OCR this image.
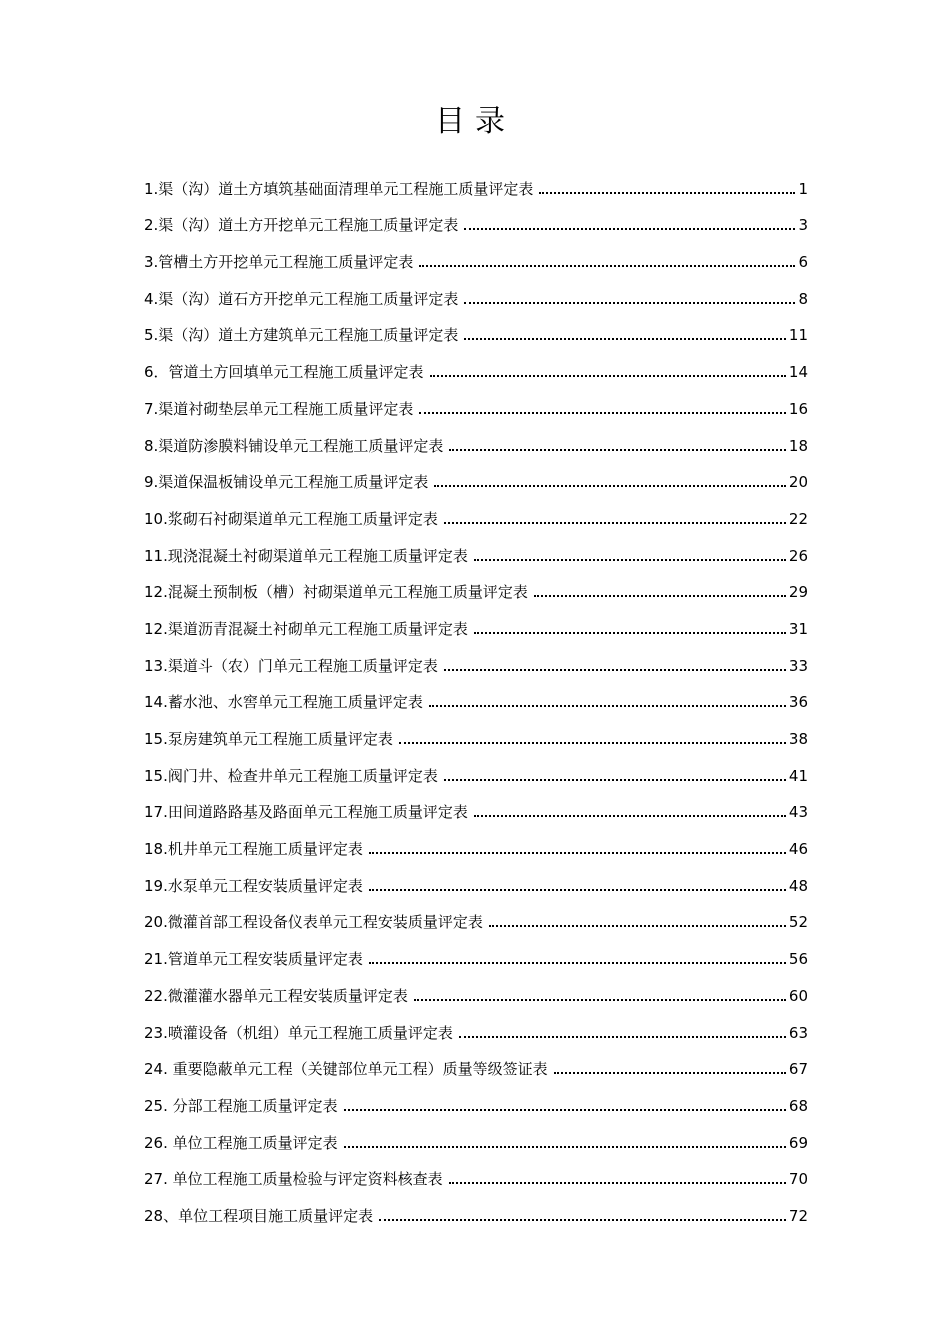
目录
1.渠（沟）道土方填筑基础面清理单元工程施工质量评定表	1
2.渠（沟）道土方开挖单元工程施工质量评定表	3
3.管槽土方开挖单元工程施工质量评定表	6
4.渠（沟）道石方开挖单元工程施工质量评定表	8
5.渠（沟）道土方建筑单元工程施工质量评定表	11
6．管道土方回填单元工程施工质量评定表	14
7.渠道衬砌垫层单元工程施工质量评定表	16
8.渠道防渗膜料铺设单元工程施工质量评定表	18
9.渠道保温板铺设单元工程施工质量评定表	20
10.浆砌石衬砌渠道单元工程施工质量评定表	22
11.现浇混凝土衬砌渠道单元工程施工质量评定表	26
12.混凝土预制板（槽）衬砌渠道单元工程施工质量评定表	29
12.渠道沥青混凝土衬砌单元工程施工质量评定表	31
13.渠道斗（农）门单元工程施工质量评定表	33
14.蓄水池、水窖单元工程施工质量评定表	36
15.泵房建筑单元工程施工质量评定表	38
15.阀门井、检查井单元工程施工质量评定表	41
17.田间道路路基及路面单元工程施工质量评定表	43
18.机井单元工程施工质量评定表	46
19.水泵单元工程安装质量评定表	48
20.微灌首部工程设备仪表单元工程安装质量评定表	52
21.管道单元工程安装质量评定表	56
22.微灌灌水器单元工程安装质量评定表	60
23.喷灌设备（机组）单元工程施工质量评定表	63
24. 重要隐蔽单元工程（关键部位单元工程）质量等级签证表	67
25. 分部工程施工质量评定表	68
26. 单位工程施工质量评定表	69
27. 单位工程施工质量检验与评定资料核查表	70
28、单位工程项目施工质量评定表	72
